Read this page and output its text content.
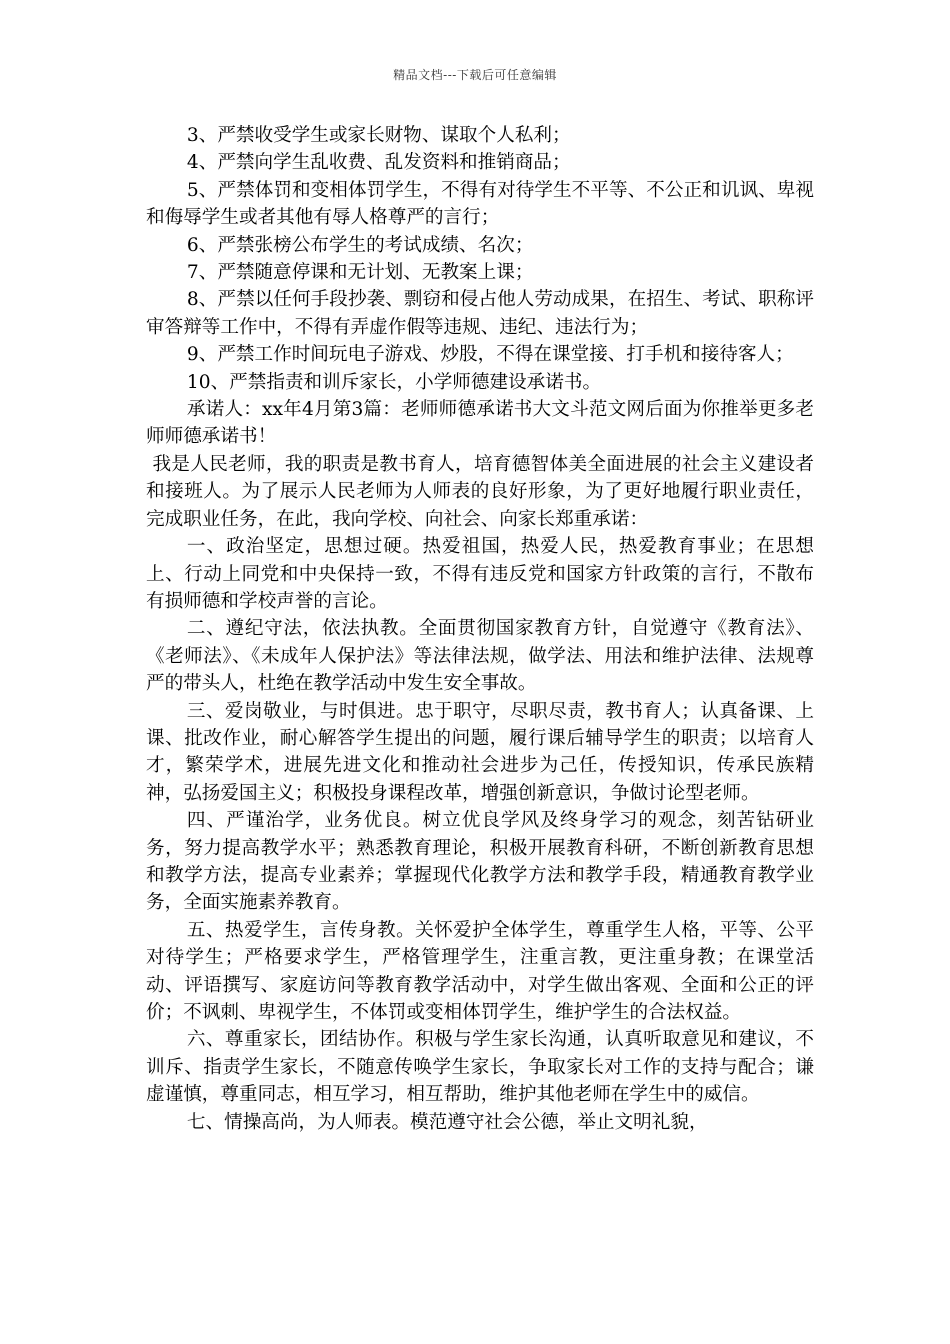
精品文档---下载后可任意编辑

3、严禁收受学生或家长财物、谋取个人私利；

4、严禁向学生乱收费、乱发资料和推销商品；

5、严禁体罚和变相体罚学生，不得有对待学生不平等、不公正和讥讽、卑视和侮辱学生或者其他有辱人格尊严的言行；

6、严禁张榜公布学生的考试成绩、名次；

7、严禁随意停课和无计划、无教案上课；

8、严禁以任何手段抄袭、剽窃和侵占他人劳动成果，在招生、考试、职称评审答辩等工作中，不得有弄虚作假等违规、违纪、违法行为；

9、严禁工作时间玩电子游戏、炒股，不得在课堂接、打手机和接待客人；

10、严禁指责和训斥家长，小学师德建设承诺书。

承诺人：xx年4月第3篇：老师师德承诺书大文斗范文网后面为你推举更多老师师德承诺书！

我是人民老师，我的职责是教书育人，培育德智体美全面进展的社会主义建设者和接班人。为了展示人民老师为人师表的良好形象，为了更好地履行职业责任，完成职业任务，在此，我向学校、向社会、向家长郑重承诺：

一、政治坚定，思想过硬。热爱祖国，热爱人民，热爱教育事业；在思想上、行动上同党和中央保持一致，不得有违反党和国家方针政策的言行，不散布有损师德和学校声誉的言论。

二、遵纪守法，依法执教。全面贯彻国家教育方针，自觉遵守《教育法》、《老师法》、《未成年人保护法》等法律法规，做学法、用法和维护法律、法规尊严的带头人，杜绝在教学活动中发生安全事故。

三、爱岗敬业，与时俱进。忠于职守，尽职尽责，教书育人；认真备课、上课、批改作业，耐心解答学生提出的问题，履行课后辅导学生的职责；以培育人才，繁荣学术，进展先进文化和推动社会进步为己任，传授知识，传承民族精神，弘扬爱国主义；积极投身课程改革，增强创新意识，争做讨论型老师。

四、严谨治学，业务优良。树立优良学风及终身学习的观念，刻苦钻研业务，努力提高教学水平；熟悉教育理论，积极开展教育科研，不断创新教育思想和教学方法，提高专业素养；掌握现代化教学方法和教学手段，精通教育教学业务，全面实施素养教育。

五、热爱学生，言传身教。关怀爱护全体学生，尊重学生人格，平等、公平对待学生；严格要求学生，严格管理学生，注重言教，更注重身教；在课堂活动、评语撰写、家庭访问等教育教学活动中，对学生做出客观、全面和公正的评价；不讽刺、卑视学生，不体罚或变相体罚学生，维护学生的合法权益。

六、尊重家长，团结协作。积极与学生家长沟通，认真听取意见和建议，不训斥、指责学生家长，不随意传唤学生家长，争取家长对工作的支持与配合；谦虚谨慎，尊重同志，相互学习，相互帮助，维护其他老师在学生中的威信。

七、情操高尚，为人师表。模范遵守社会公德，举止文明礼貌，
